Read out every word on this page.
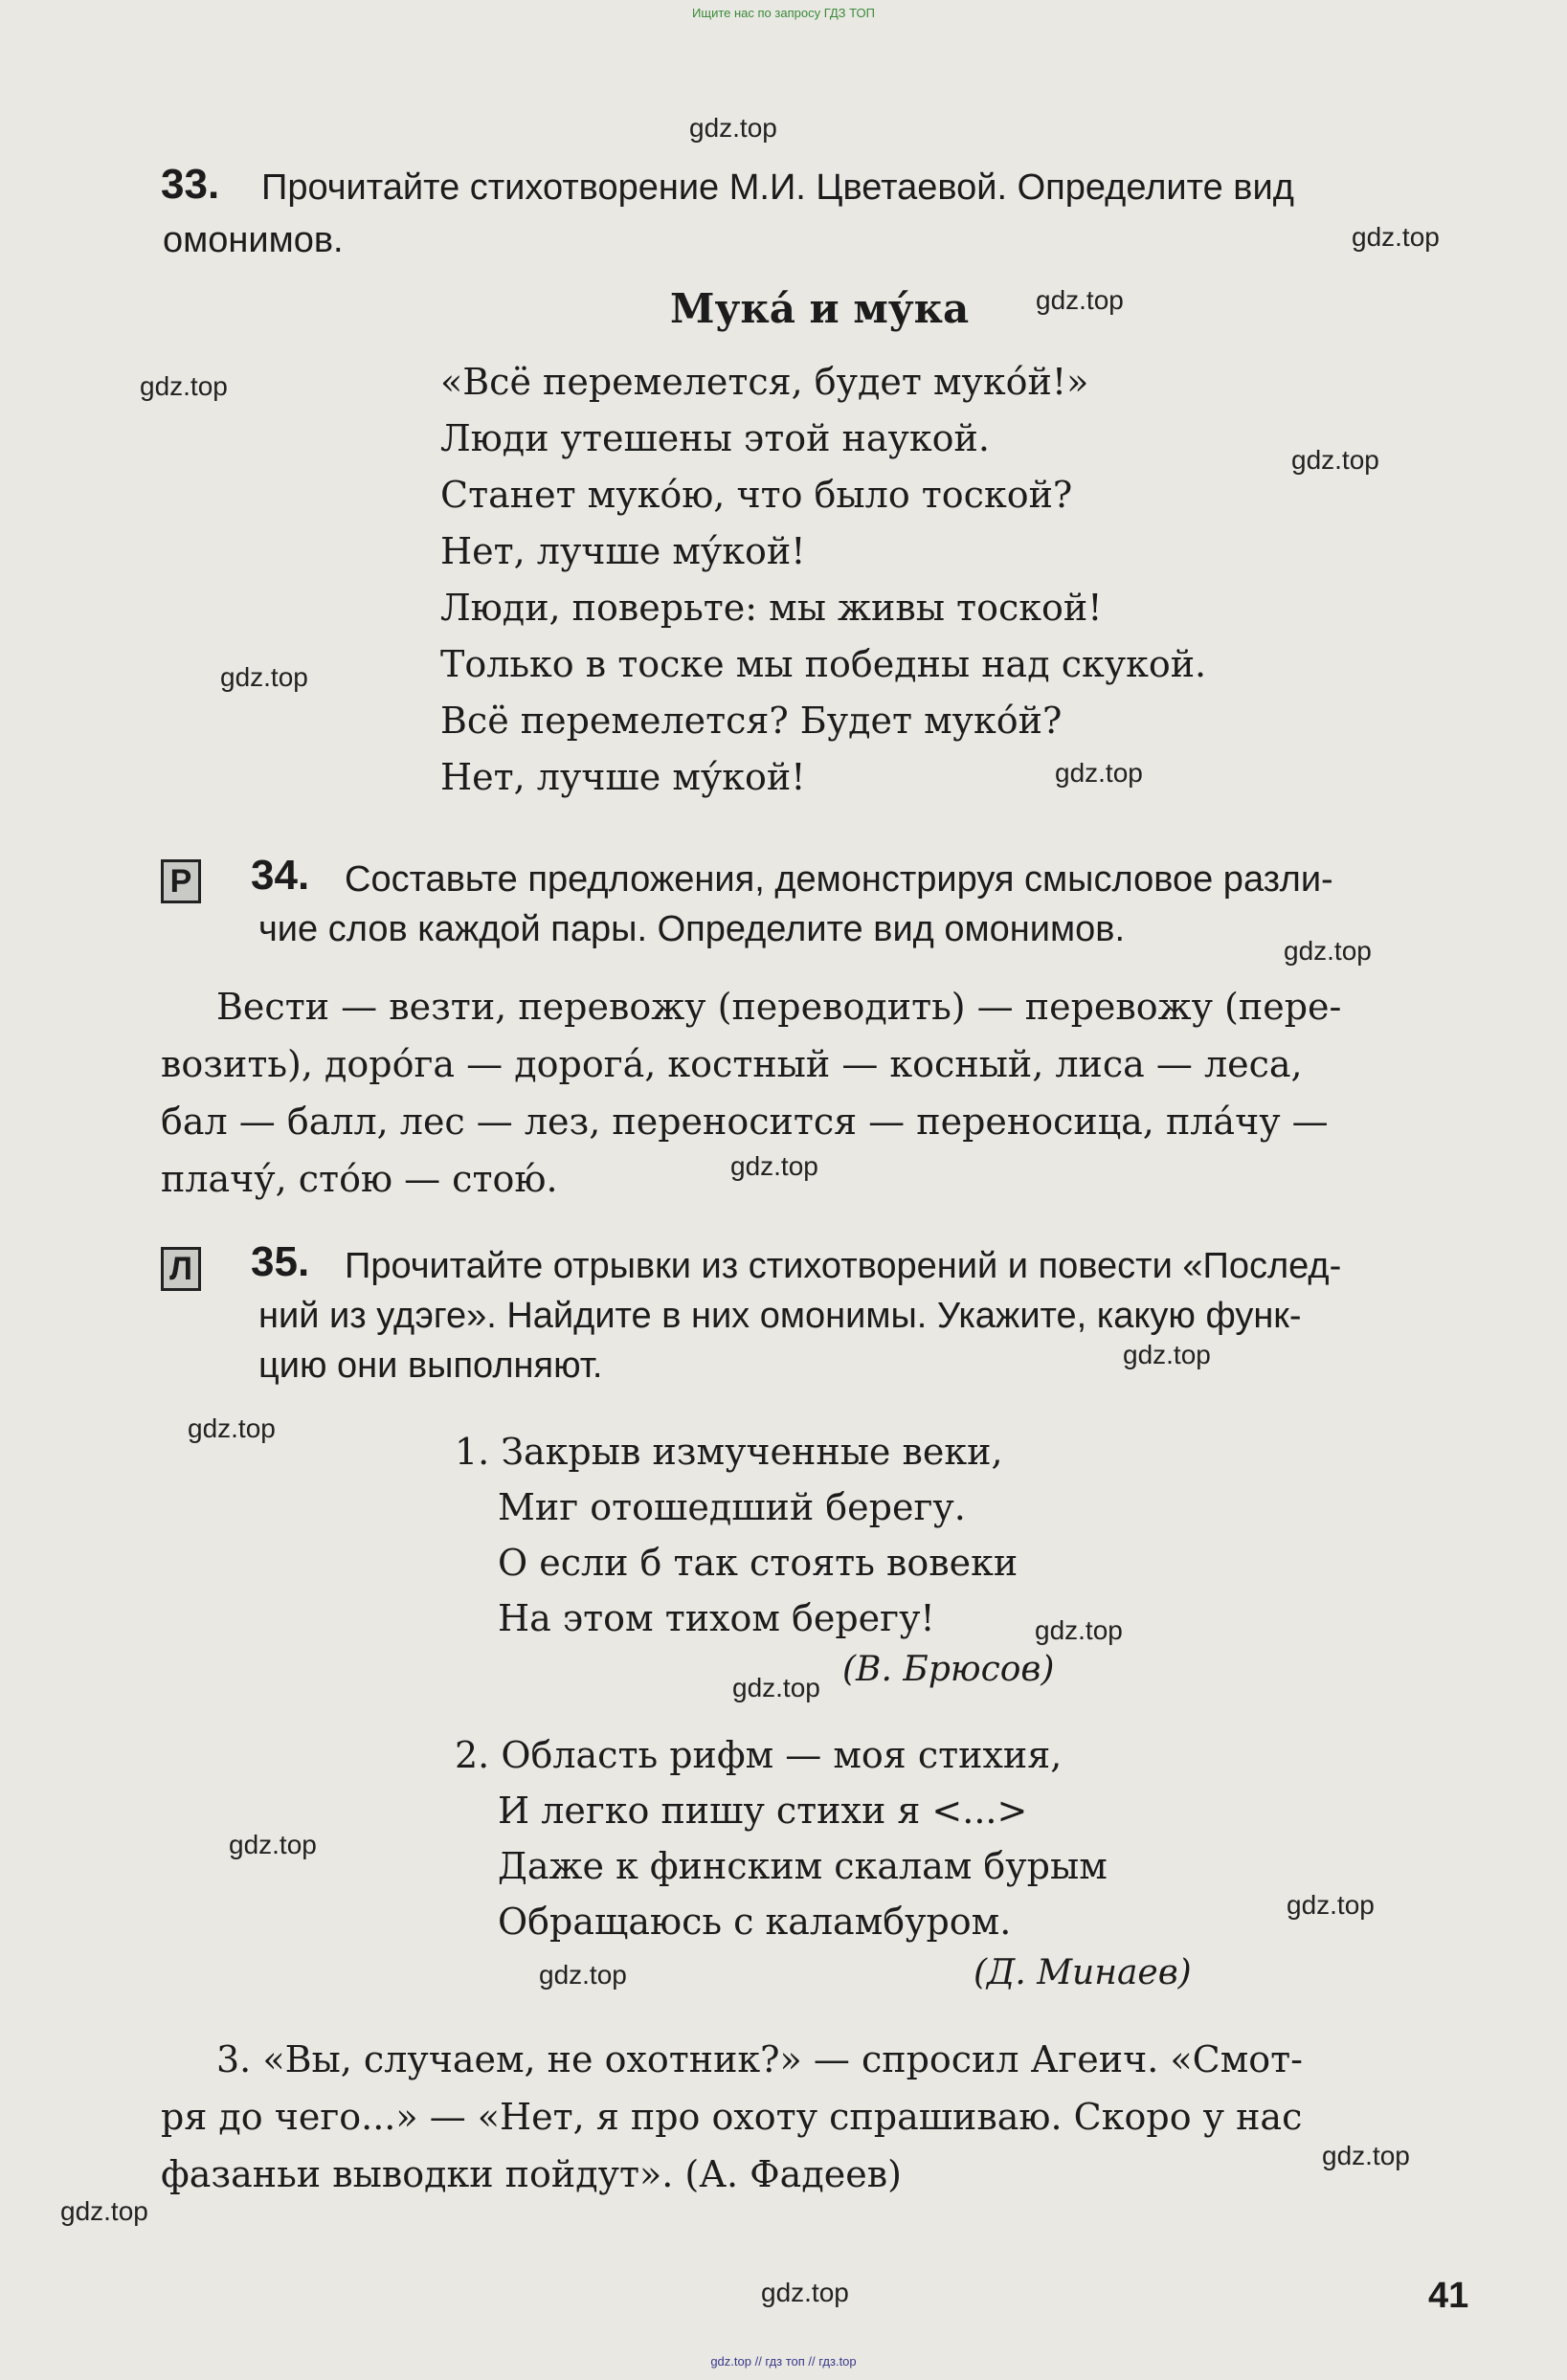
Ищите нас по запросу ГДЗ ТОП
gdz.top
gdz.top
gdz.top
gdz.top
gdz.top
gdz.top
gdz.top
gdz.top
gdz.top
gdz.top
gdz.top
gdz.top
gdz.top
gdz.top
gdz.top
gdz.top
gdz.top
gdz.top
gdz.top
33. Прочитайте стихотворение М.И. Цветаевой. Определите вид
омонимов.
Мука́ и му́ка
«Всё перемелется, будет муко́й!»
Люди утешены этой наукой.
Станет муко́ю, что было тоской?
Нет, лучше му́кой!
Люди, поверьте: мы живы тоской!
Только в тоске мы победны над скукой.
Всё перемелется? Будет муко́й?
Нет, лучше му́кой!
Р 34. Составьте предложения, демонстрируя смысловое разли-
чие слов каждой пары. Определите вид омонимов.
Вести — везти, перевожу (переводить) — перевожу (пере-
возить), доро́га — дорога́, костный — косный, лиса — леса,
бал — балл, лес — лез, переносится — переносица, пла́чу —
плачу́, сто́ю — стою́.
Л 35. Прочитайте отрывки из стихотворений и повести «Послед-
ний из удэге». Найдите в них омонимы. Укажите, какую функ-
цию они выполняют.
1. Закрыв измученные веки,
Миг отошедший берегу.
О если б так стоять вовеки
На этом тихом берегу!
(В. Брюсов)
2. Область рифм — моя стихия,
И легко пишу стихи я <...>
Даже к финским скалам бурым
Обращаюсь с каламбуром.
(Д. Минаев)
3. «Вы, случаем, не охотник?» — спросил Агеич. «Смот-
ря до чего...» — «Нет, я про охоту спрашиваю. Скоро у нас
фазаньи выводки пойдут». (А. Фадеев)
41
gdz.top // гдз топ // гдз.top
